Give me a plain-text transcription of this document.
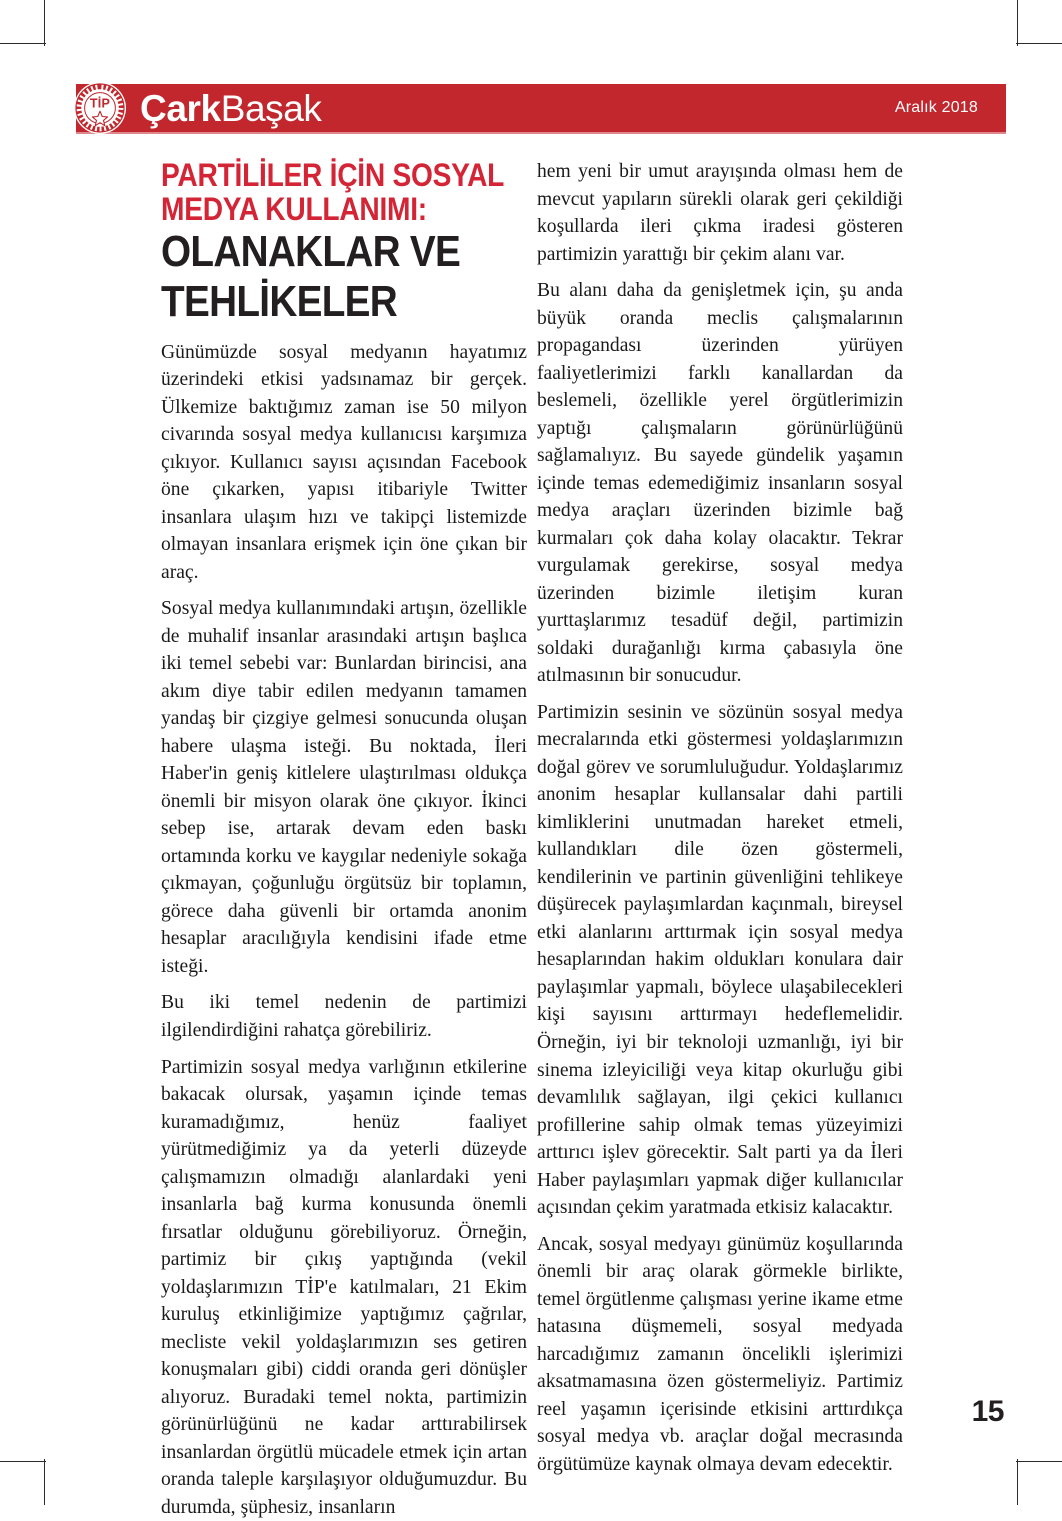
ÇarkBaşak	Aralık 2018
TİP
PARTİLİLER İÇİN SOSYAL
MEDYA KULLANIMI:
OLANAKLAR VE
TEHLİKELER

Günümüzde sosyal medyanın hayatımız üzerindeki etkisi yadsınamaz bir gerçek. Ülkemize baktığımız zaman ise 50 milyon civarında sosyal medya kullanıcısı karşımıza çıkıyor. Kullanıcı sayısı açısından Facebook öne çıkarken, yapısı itibariyle Twitter insanlara ulaşım hızı ve takipçi listemizde olmayan insanlara erişmek için öne çıkan bir araç.

Sosyal medya kullanımındaki artışın, özellikle de muhalif insanlar arasındaki artışın başlıca iki temel sebebi var: Bunlardan birincisi, ana akım diye tabir edilen medyanın tamamen yandaş bir çizgiye gelmesi sonucunda oluşan habere ulaşma isteği. Bu noktada, İleri Haber'in geniş kitlelere ulaştırılması oldukça önemli bir misyon olarak öne çıkıyor. İkinci sebep ise, artarak devam eden baskı ortamında korku ve kaygılar nedeniyle sokağa çıkmayan, çoğunluğu örgütsüz bir toplamın, görece daha güvenli bir ortamda anonim hesaplar aracılığıyla kendisini ifade etme isteği.

Bu iki temel nedenin de partimizi ilgilendirdiğini rahatça görebiliriz.

Partimizin sosyal medya varlığının etkilerine bakacak olursak, yaşamın içinde temas kuramadığımız, henüz faaliyet yürütmediğimiz ya da yeterli düzeyde çalışmamızın olmadığı alanlardaki yeni insanlarla bağ kurma konusunda önemli fırsatlar olduğunu görebiliyoruz. Örneğin, partimiz bir çıkış yaptığında (vekil yoldaşlarımızın TİP'e katılmaları, 21 Ekim kuruluş etkinliğimize yaptığımız çağrılar, mecliste vekil yoldaşlarımızın ses getiren konuşmaları gibi) ciddi oranda geri dönüşler alıyoruz. Buradaki temel nokta, partimizin görünürlüğünü ne kadar arttırabilirsek insanlardan örgütlü mücadele etmek için artan oranda taleple karşılaşıyor olduğumuzdur. Bu durumda, şüphesiz, insanların

hem yeni bir umut arayışında olması hem de mevcut yapıların sürekli olarak geri çekildiği koşullarda ileri çıkma iradesi gösteren partimizin yarattığı bir çekim alanı var.

Bu alanı daha da genişletmek için, şu anda büyük oranda meclis çalışmalarının propagandası üzerinden yürüyen faaliyetlerimizi farklı kanallardan da beslemeli, özellikle yerel örgütlerimizin yaptığı çalışmaların görünürlüğünü sağlamalıyız. Bu sayede gündelik yaşamın içinde temas edemediğimiz insanların sosyal medya araçları üzerinden bizimle bağ kurmaları çok daha kolay olacaktır. Tekrar vurgulamak gerekirse, sosyal medya üzerinden bizimle iletişim kuran yurttaşlarımız tesadüf değil, partimizin soldaki durağanlığı kırma çabasıyla öne atılmasının bir sonucudur.

Partimizin sesinin ve sözünün sosyal medya mecralarında etki göstermesi yoldaşlarımızın doğal görev ve sorumluluğudur. Yoldaşlarımız anonim hesaplar kullansalar dahi partili kimliklerini unutmadan hareket etmeli, kullandıkları dile özen göstermeli, kendilerinin ve partinin güvenliğini tehlikeye düşürecek paylaşımlardan kaçınmalı, bireysel etki alanlarını arttırmak için sosyal medya hesaplarından hakim oldukları konulara dair paylaşımlar yapmalı, böylece ulaşabilecekleri kişi sayısını arttırmayı hedeflemelidir. Örneğin, iyi bir teknoloji uzmanlığı, iyi bir sinema izleyiciliği veya kitap okurluğu gibi devamlılık sağlayan, ilgi çekici kullanıcı profillerine sahip olmak temas yüzeyimizi arttırıcı işlev görecektir. Salt parti ya da İleri Haber paylaşımları yapmak diğer kullanıcılar açısından çekim yaratmada etkisiz kalacaktır.

Ancak, sosyal medyayı günümüz koşullarında önemli bir araç olarak görmekle birlikte, temel örgütlenme çalışması yerine ikame etme hatasına düşmemeli, sosyal medyada harcadığımız zamanın öncelikli işlerimizi aksatmamasına özen göstermeliyiz. Partimiz reel yaşamın içerisinde etkisini arttırdıkça sosyal medya vb. araçlar doğal mecrasında örgütümüze kaynak olmaya devam edecektir.

15
